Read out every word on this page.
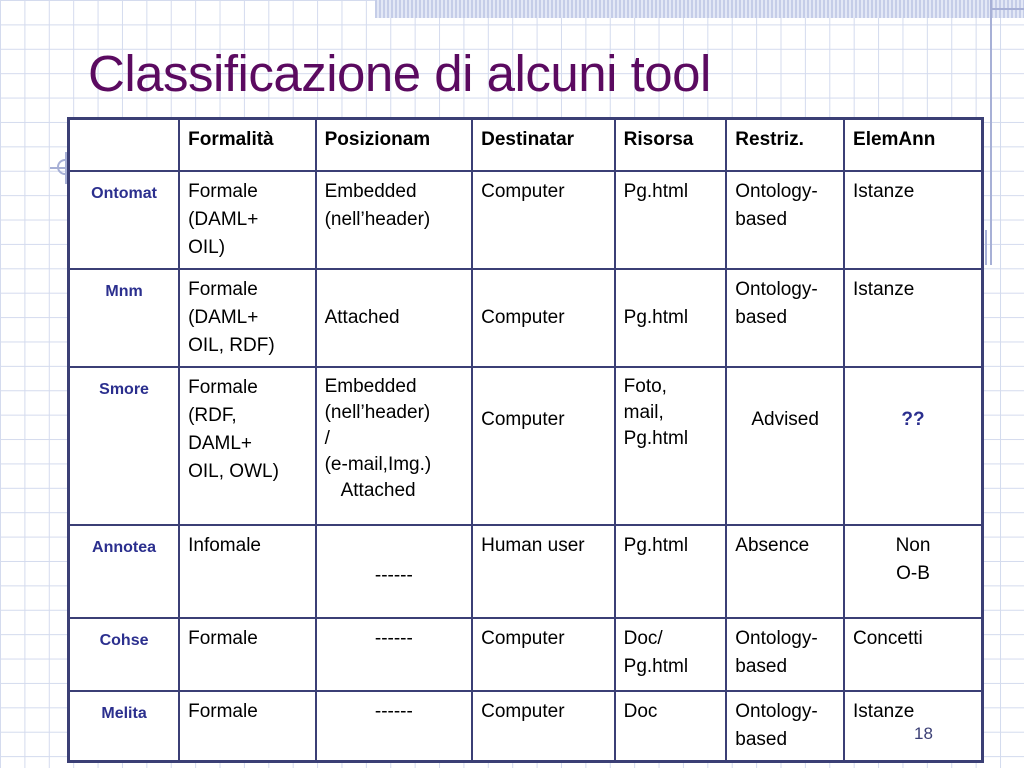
Classificazione di alcuni tool
	Formalità	Posizionam	Destinatar	Risorsa	Restriz.	ElemAnn
Ontomat	Formale
(DAML+
OIL)	Embedded
(nell’header)	Computer	Pg.html	Ontology-
based	Istanze

Mnm	Formale
(DAML+
OIL, RDF)	Attached	Computer	Pg.html	Ontology-
based	Istanze

Smore	Formale
(RDF,
DAML+
OIL, OWL)	Embedded
(nell’header)
/
(e-mail,Img.)
Attached	Computer	Foto,
mail,
Pg.html	Advised	??

Annotea	Infomale	------	Human user	Pg.html	Absence	Non
O-B

Cohse	Formale	------	Computer	Doc/
Pg.html	Ontology-
based	Concetti

Melita	Formale	------	Computer	Doc	Ontology-
based	Istanze
18
